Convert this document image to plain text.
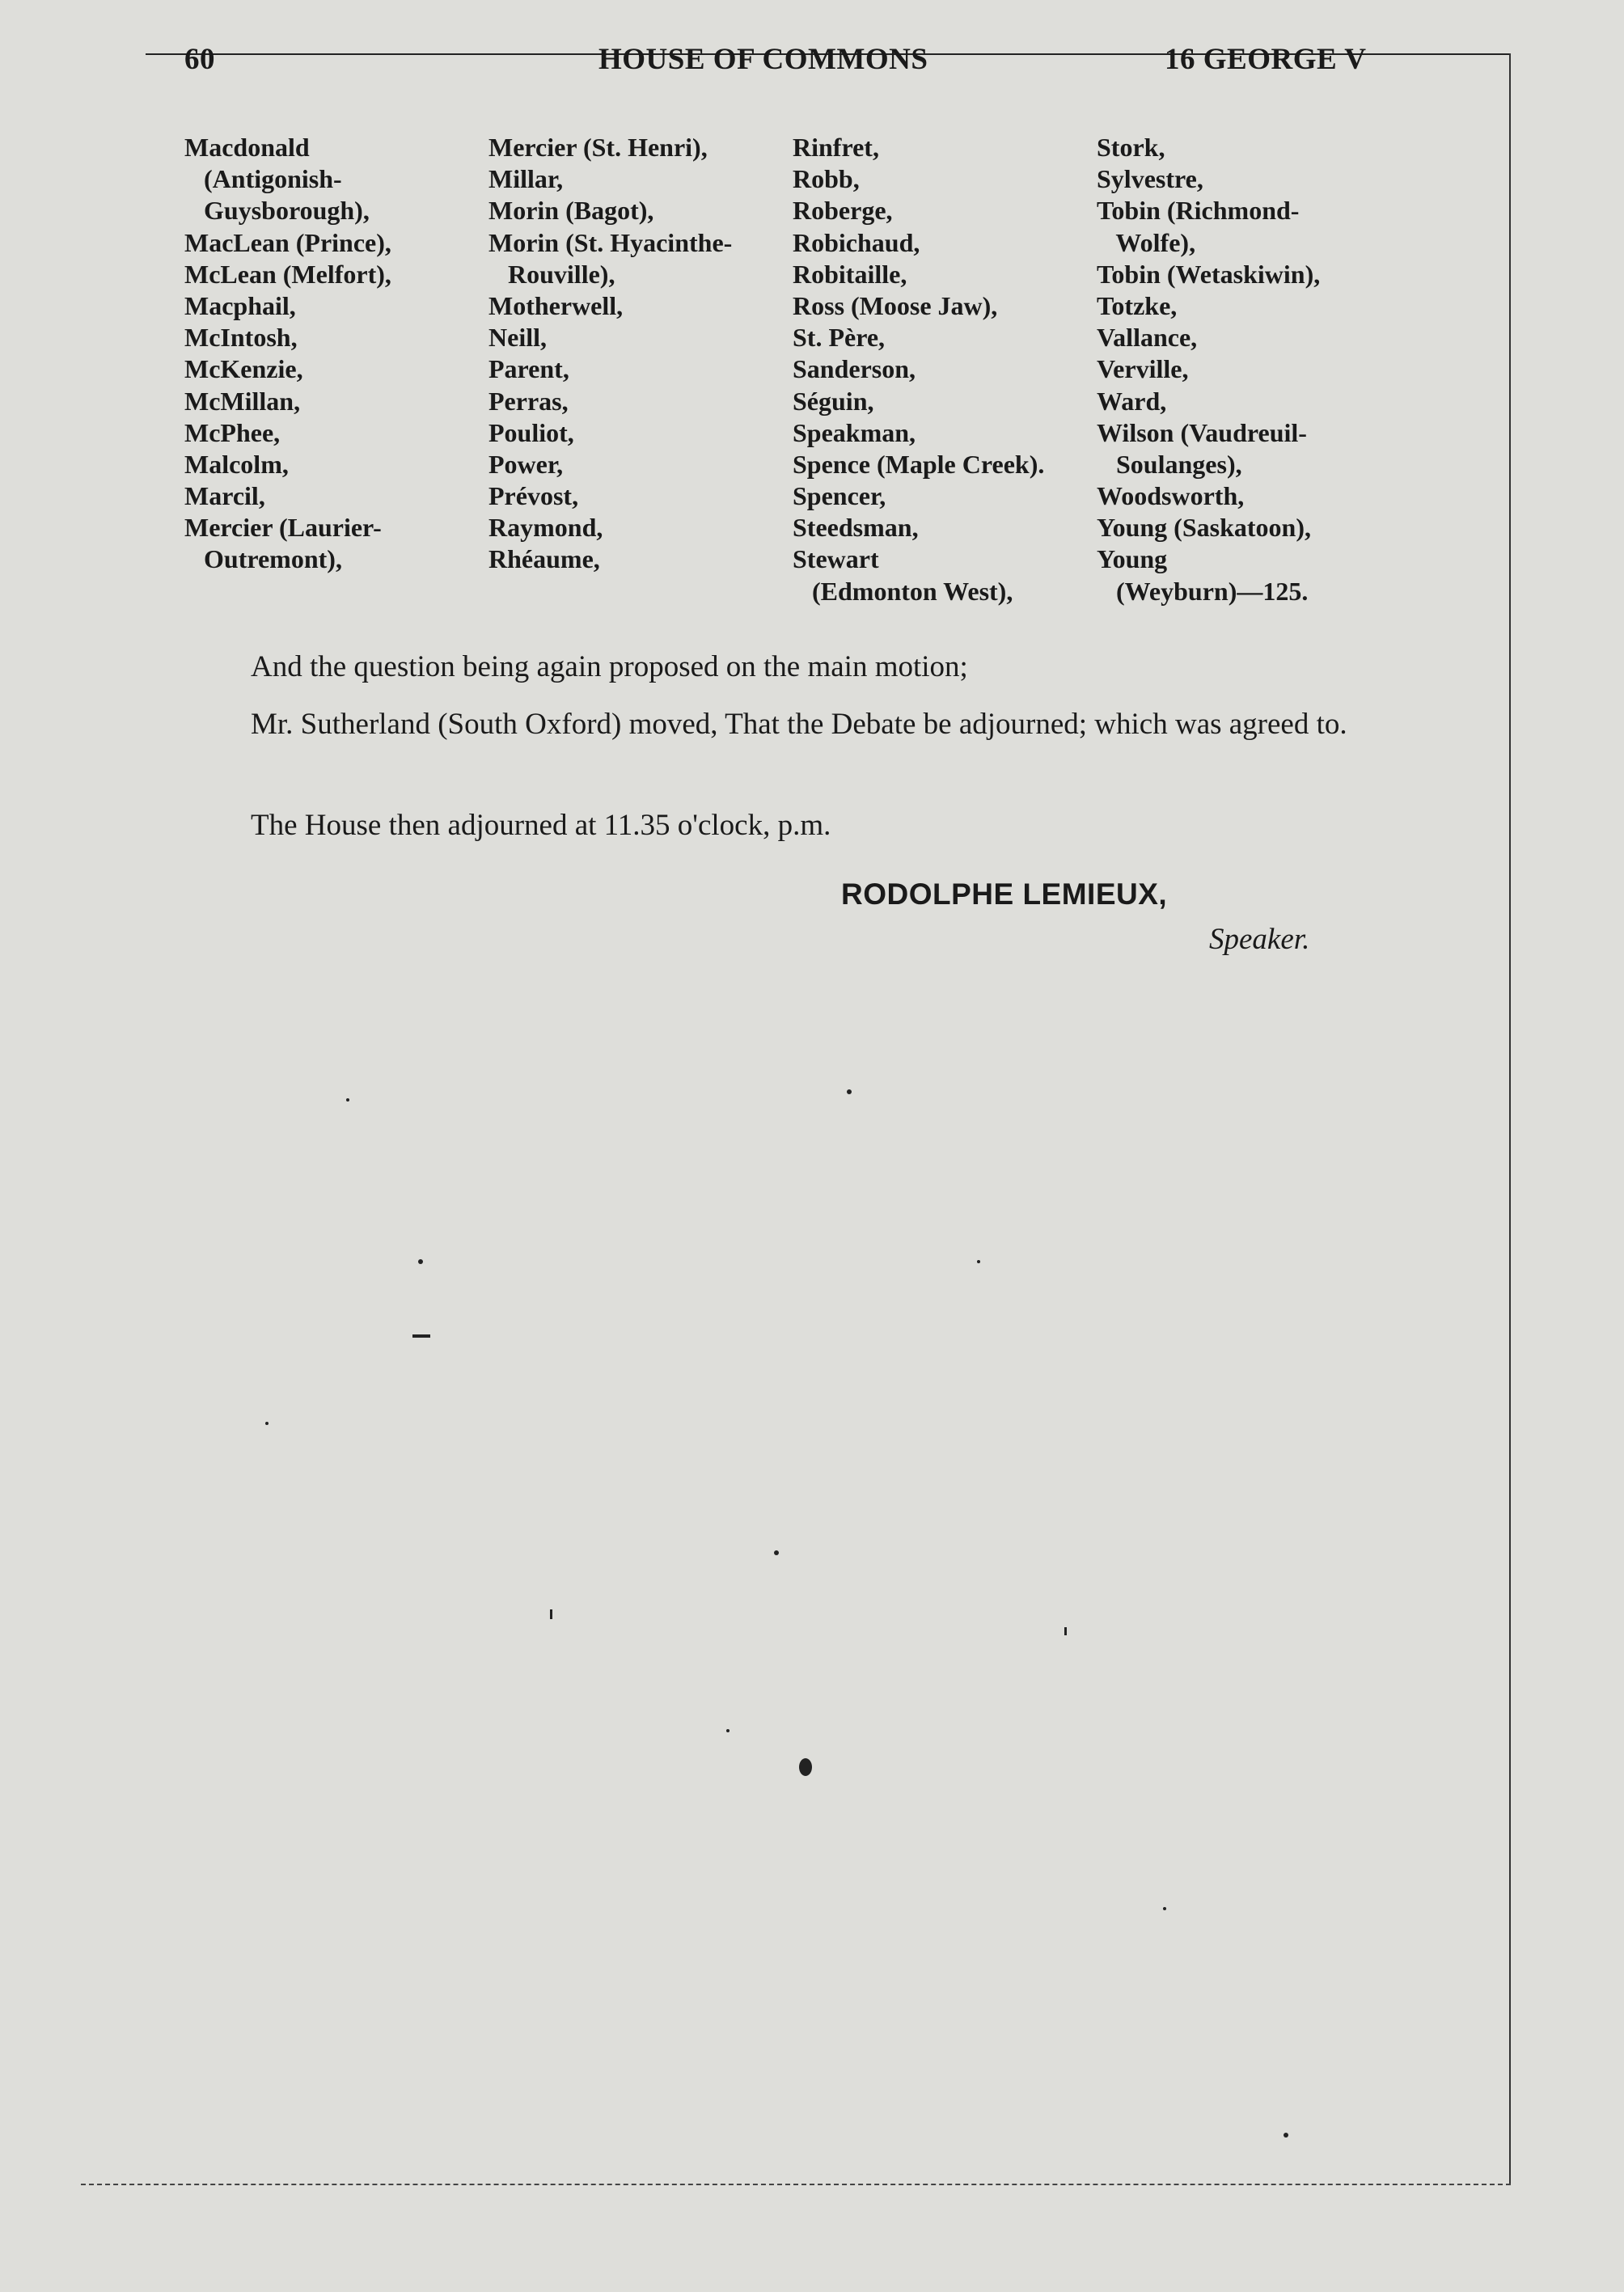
60	HOUSE OF COMMONS	16 GEORGE V
Macdonald
(Antigonish-
Guysborough),
MacLean (Prince),
McLean (Melfort),
Macphail,
McIntosh,
McKenzie,
McMillan,
McPhee,
Malcolm,
Marcil,
Mercier (Laurier-
Outremont),
Mercier (St. Henri),
Millar,
Morin (Bagot),
Morin (St. Hyacinthe-
Rouville),
Motherwell,
Neill,
Parent,
Perras,
Pouliot,
Power,
Prévost,
Raymond,
Rhéaume,
Rinfret,
Robb,
Roberge,
Robichaud,
Robitaille,
Ross (Moose Jaw),
St. Père,
Sanderson,
Séguin,
Speakman,
Spence (Maple Creek).
Spencer,
Steedsman,
Stewart
(Edmonton West),
Stork,
Sylvestre,
Tobin (Richmond-
Wolfe),
Tobin (Wetaskiwin),
Totzke,
Vallance,
Verville,
Ward,
Wilson (Vaudreuil-
Soulanges),
Woodsworth,
Young (Saskatoon),
Young
(Weyburn)—125.
And the question being again proposed on the main motion;
Mr. Sutherland (South Oxford) moved, That the Debate be adjourned; which was agreed to.
The House then adjourned at 11.35 o'clock, p.m.
RODOLPHE LEMIEUX,
Speaker.
